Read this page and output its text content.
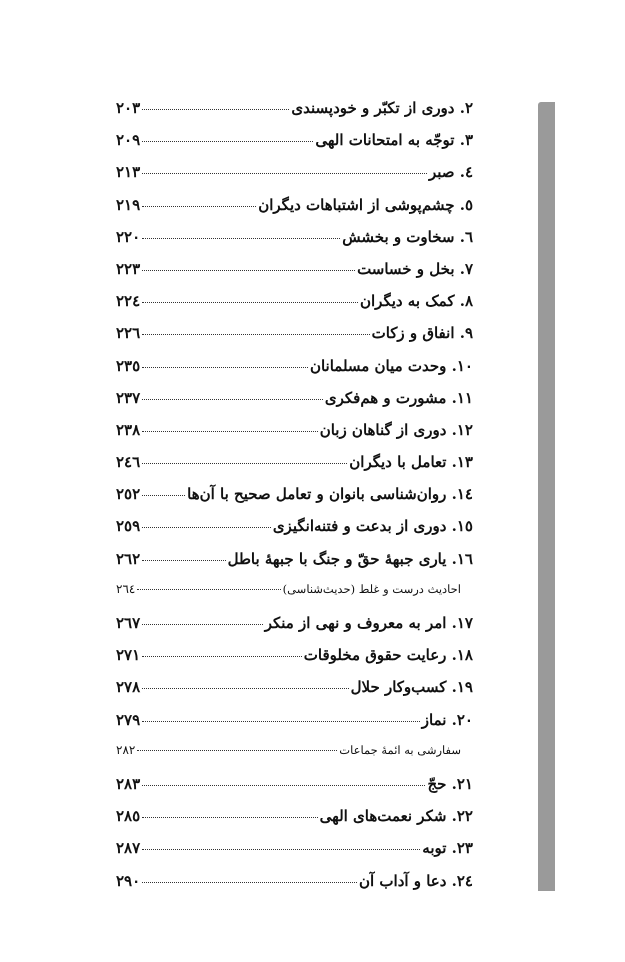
۲. دوری از تکبّر و خودپسندی
۲۰۳
۳. توجّه به امتحانات الهی
۲۰۹
٤. صبر
۲۱۳
٥. چشم‌پوشی از اشتباهات دیگران
۲۱۹
٦. سخاوت و بخشش
۲۲۰
۷. بخل و خساست
۲۲۳
۸. کمک به دیگران
۲۲٤
۹. انفاق و زکات
۲۲٦
۱۰. وحدت میان مسلمانان
۲۳٥
۱۱. مشورت و هم‌فکری
۲۳۷
۱۲. دوری از گناهان زبان
۲۳۸
۱۳. تعامل با دیگران
۲٤٦
۱٤. روان‌شناسی بانوان و تعامل صحیح با آن‌ها
۲٥۲
۱٥. دوری از بدعت و فتنه‌انگیزی
۲٥۹
۱٦. یاری جبههٔ حقّ و جنگ با جبههٔ باطل
۲٦۲
احادیث درست و غلط (حدیث‌شناسی)
۲٦٤
۱۷. امر به معروف و نهی از منکر
۲٦۷
۱۸. رعایت حقوق مخلوقات
۲۷۱
۱۹. کسب‌وکار حلال
۲۷۸
۲۰. نماز
۲۷۹
سفارشی به ائمهٔ جماعات
۲۸۲
۲۱. حجّ
۲۸۳
۲۲. شکر نعمت‌های الهی
۲۸٥
۲۳. توبه
۲۸۷
۲٤. دعا و آداب آن
۲۹۰
